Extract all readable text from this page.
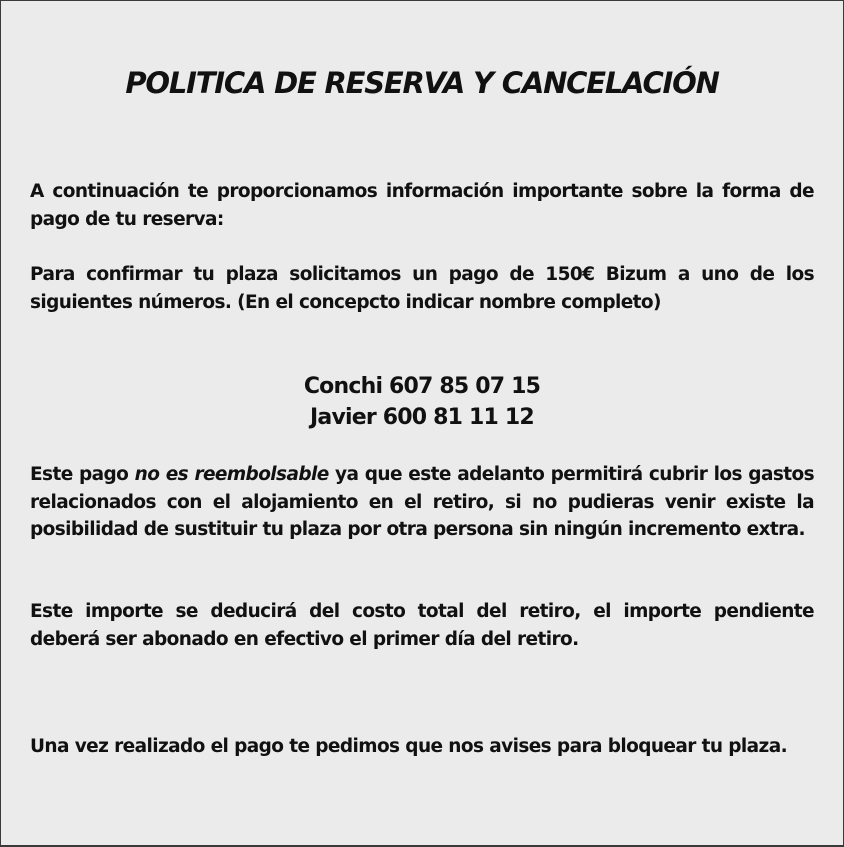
POLITICA DE RESERVA Y CANCELACIÓN

A continuación te proporcionamos información importante sobre la forma de pago de tu reserva:

Para confirmar tu plaza solicitamos un pago de 150€ Bizum a uno de los siguientes números. (En el concepcto indicar nombre completo)

Conchi 607 85 07 15
Javier 600 81 11 12

Este pago no es reembolsable ya que este adelanto permitirá cubrir los gastos relacionados con el alojamiento en el retiro, si no pudieras venir existe la posibilidad de sustituir tu plaza por otra persona sin ningún incremento extra.

Este importe se deducirá del costo total del retiro, el importe pendiente deberá ser abonado en efectivo el primer día del retiro.

Una vez realizado el pago te pedimos que nos avises para bloquear tu plaza.
